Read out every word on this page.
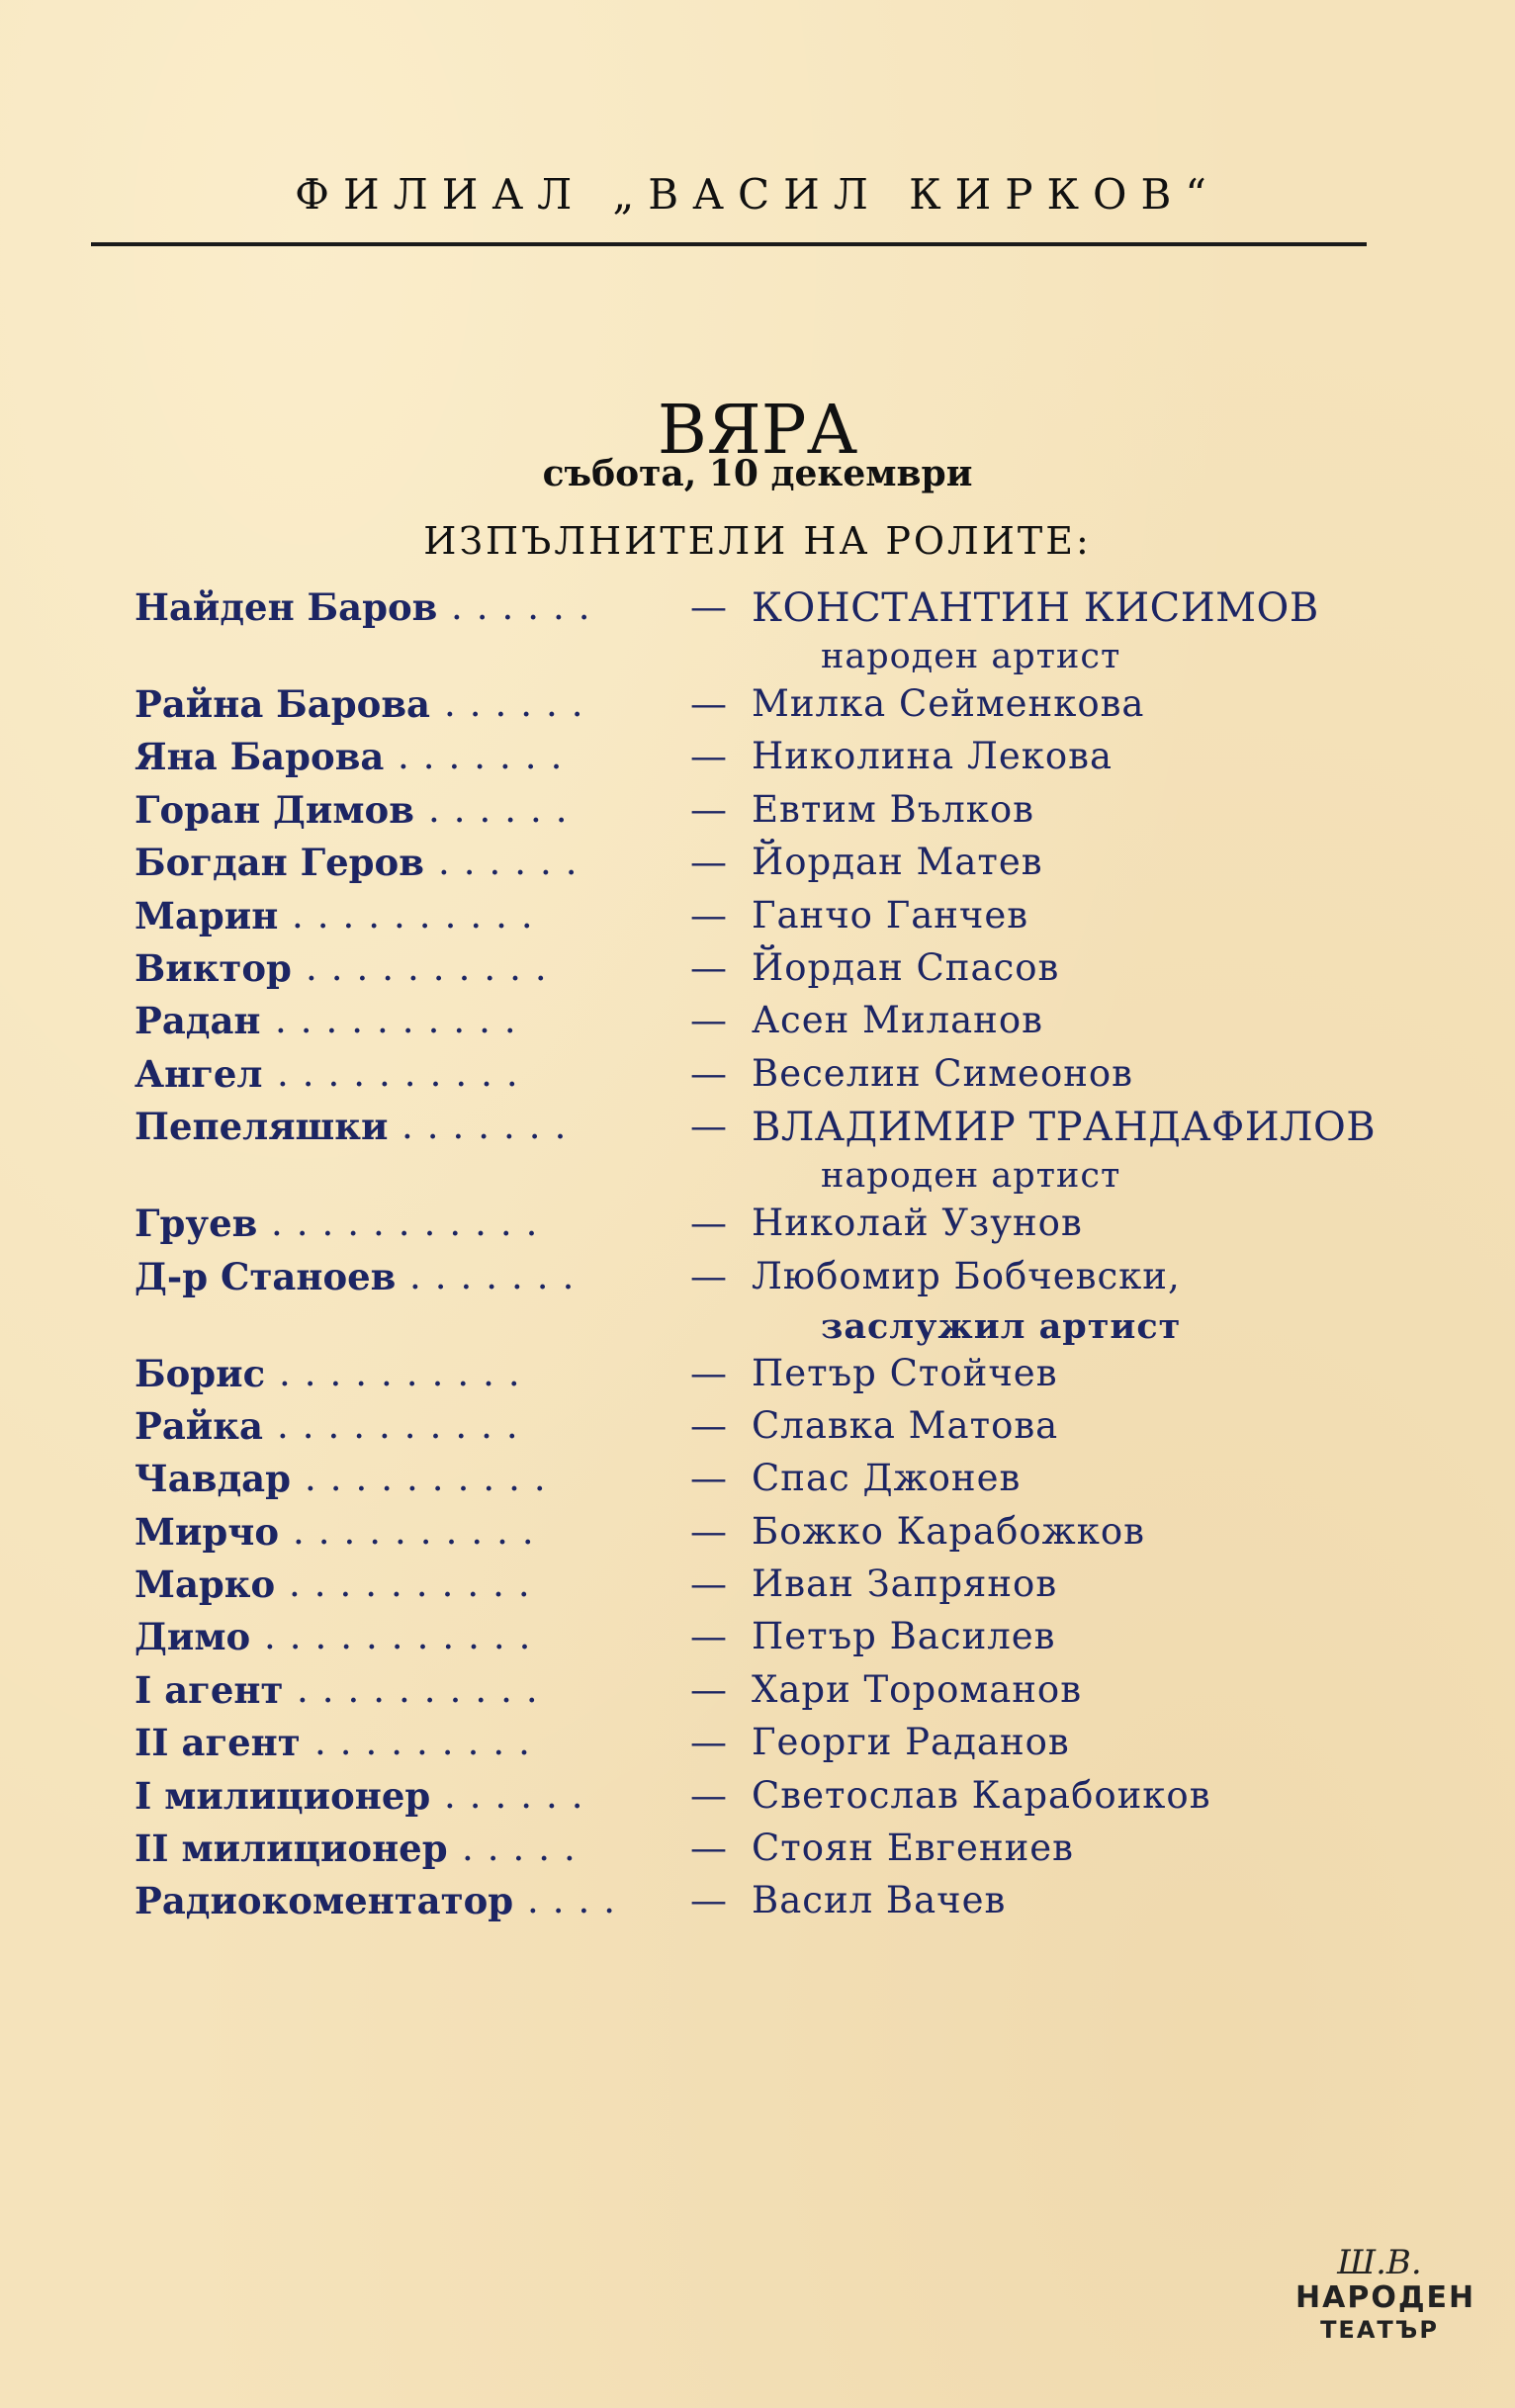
ФИЛИАЛ „ВАСИЛ КИРКОВ“
ВЯРА
събота, 10 декември
ИЗПЪЛНИТЕЛИ НА РОЛИТЕ:
Найден Баров ...... — КОНСТАНТИН КИСИМОВ
народен артист
Райна Барова ......	— Милка Сейменкова
Яна Барова .......	— Николина Лекова
Горан Димов ......	— Евтим Вълков
Богдан Геров ......	— Йордан Матев
Марин ..........	— Ганчо Ганчев
Виктор ..........	— Йордан Спасов
Радан ..........	— Асен Миланов
Ангел ..........	— Веселин Симеонов
Пепеляшки .......	— ВЛАДИМИР ТРАНДАФИЛОВ
народен артист
Груев ...........	— Николай Узунов
Д-р Станоев .......	— Любомир Бобчевски,
заслужил артист
Борис ..........	— Петър Стойчев
Райка ..........	— Славка Матова
Чавдар ..........	— Спас Джонев
Мирчо ..........	— Божко Карабожков
Марко ..........	— Иван Запрянов
Димо ...........	— Петър Василев
I агент ..........	— Хари Тороманов
II агент .........	— Георги Раданов
I милиционер ......	— Светослав Карабоиков
II милиционер .....	— Стоян Евгениев
Радиокоментатор .... — Васил Вачев
Ш.В.
НАРОДЕН
ТЕАТЪР
